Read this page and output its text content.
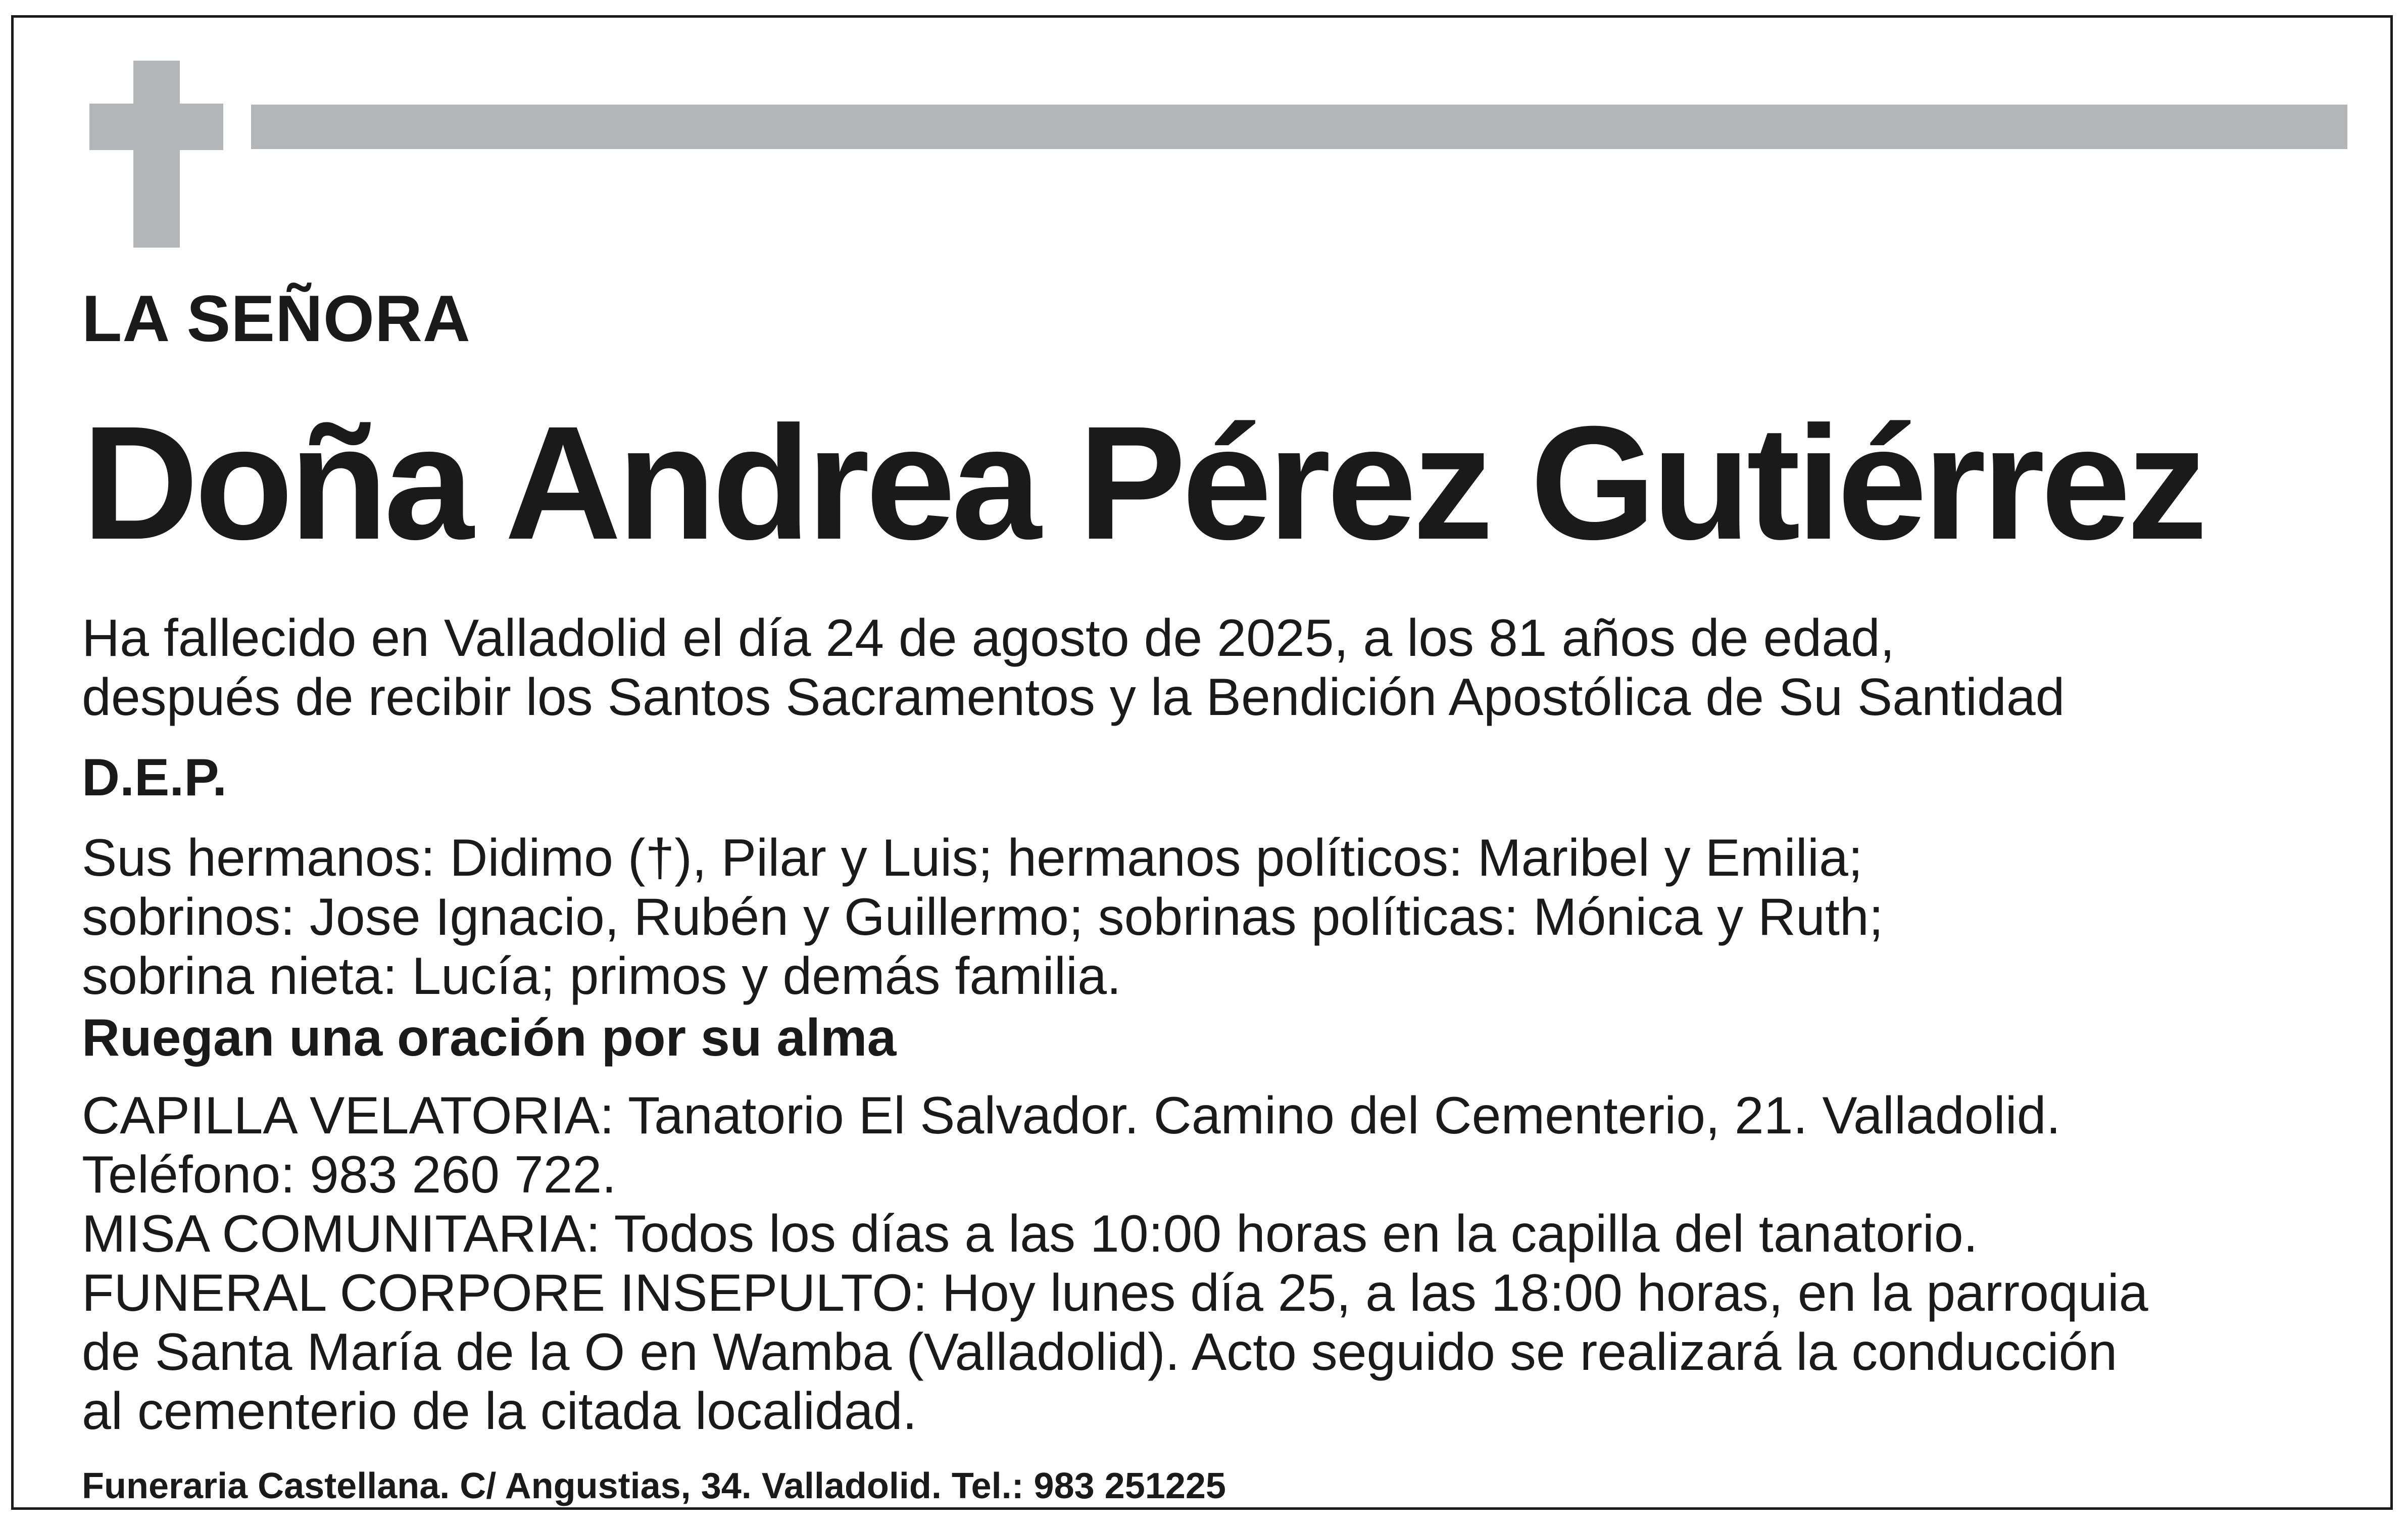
LA SEÑORA

Doña Andrea Pérez Gutiérrez

Ha fallecido en Valladolid el día 24 de agosto de 2025, a los 81 años de edad,
después de recibir los Santos Sacramentos y la Bendición Apostólica de Su Santidad

D.E.P.

Sus hermanos: Didimo (†), Pilar y Luis; hermanos políticos: Maribel y Emilia;
sobrinos: Jose Ignacio, Rubén y Guillermo; sobrinas políticas: Mónica y Ruth;
sobrina nieta: Lucía; primos y demás familia.

Ruegan una oración por su alma

CAPILLA VELATORIA: Tanatorio El Salvador. Camino del Cementerio, 21. Valladolid.
Teléfono: 983 260 722.
MISA COMUNITARIA: Todos los días a las 10:00 horas en la capilla del tanatorio.
FUNERAL CORPORE INSEPULTO: Hoy lunes día 25, a las 18:00 horas, en la parroquia
de Santa María de la O en Wamba (Valladolid). Acto seguido se realizará la conducción
al cementerio de la citada localidad.

Funeraria Castellana. C/ Angustias, 34. Valladolid. Tel.: 983 251225
